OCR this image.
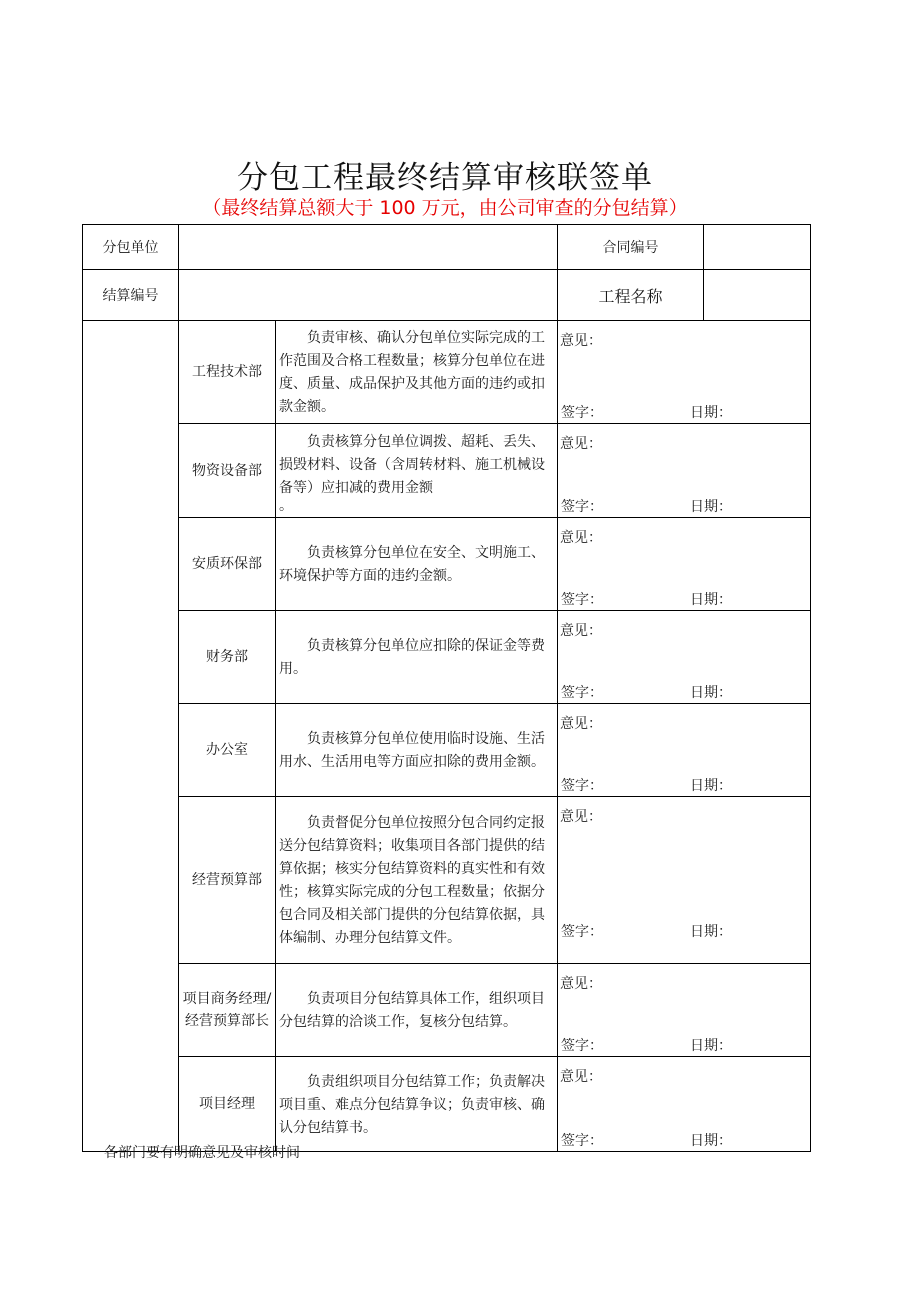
分包工程最终结算审核联签单
（最终结算总额大于 100 万元，由公司审查的分包结算）
分包单位			合同编号

结算编号			工程名称

	工程技术部	负责审核、确认分包单位实际完成的工作范围及合格工程数量；核算分包单位在进度、质量、成品保护及其他方面的违约或扣款金额。	意见：
签字： 日期：

	物资设备部	负责核算分包单位调拨、超耗、丢失、损毁材料、设备（含周转材料、施工机械设备等）应扣减的费用金额
。	意见：
签字： 日期：

	安质环保部	负责核算分包单位在安全、文明施工、环境保护等方面的违约金额。	意见：
签字： 日期：

	财务部	负责核算分包单位应扣除的保证金等费用。	意见：
签字： 日期：

	办公室	负责核算分包单位使用临时设施、生活用水、生活用电等方面应扣除的费用金额。	意见：
签字： 日期：

	经营预算部	负责督促分包单位按照分包合同约定报送分包结算资料；收集项目各部门提供的结算依据；核实分包结算资料的真实性和有效性；核算实际完成的分包工程数量；依据分包合同及相关部门提供的分包结算依据，具体编制、办理分包结算文件。	意见：
签字： 日期：

	项目商务经理/经营预算部长	负责项目分包结算具体工作，组织项目分包结算的洽谈工作，复核分包结算。	意见：
签字： 日期：

	项目经理	负责组织项目分包结算工作；负责解决项目重、难点分包结算争议；负责审核、确认分包结算书。	意见：
签字： 日期：
各部门要有明确意见及审核时间
